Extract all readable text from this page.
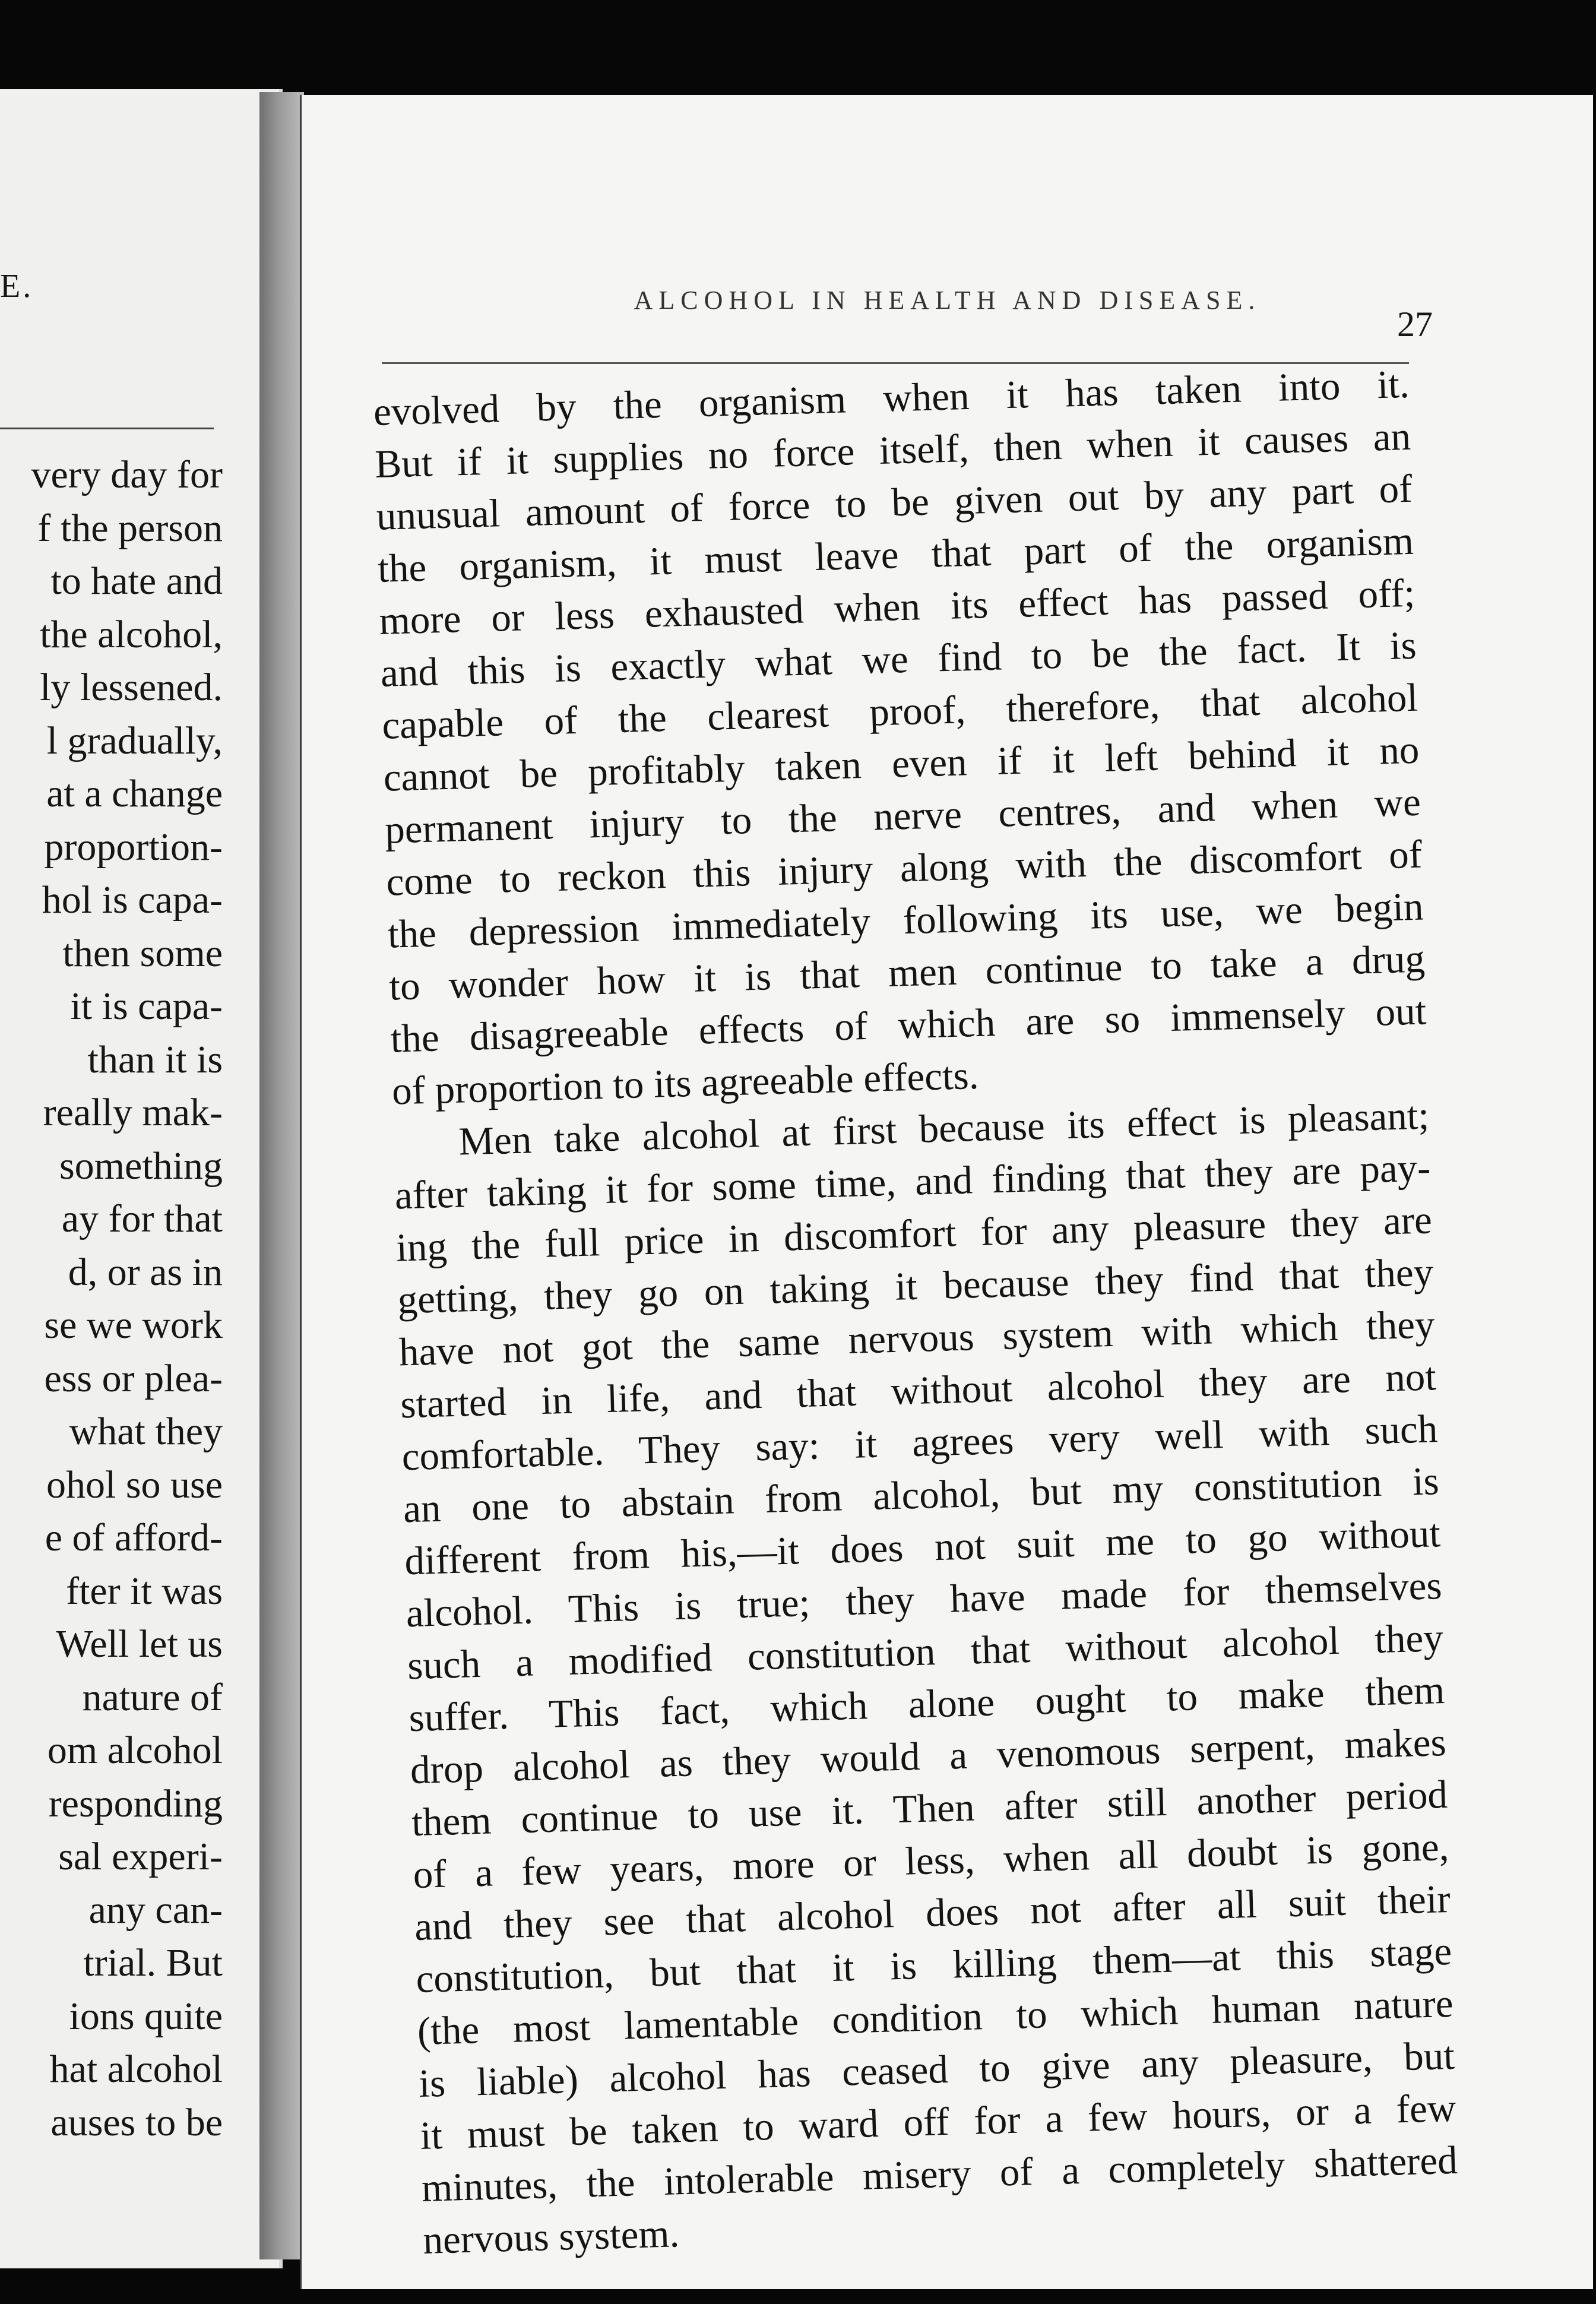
E.

very day for
f the person
to hate and
the alcohol,
ly lessened.
l gradually,
at a change
proportion-
hol is capa-
then some
it is capa-
than it is
really mak-
something
ay for that
d, or as in
se we work
ess or plea-
what they
ohol so use
e of afford-
fter it was
Well let us
nature of
om alcohol
responding
sal experi-
any can-
trial. But
ions quite
hat alcohol
auses to be
ALCOHOL IN HEALTH AND DISEASE.

27

evolved by the organism when it has taken into it.
But if it supplies no force itself, then when it causes an
unusual amount of force to be given out by any part of
the organism, it must leave that part of the organism
more or less exhausted when its effect has passed off;
and this is exactly what we find to be the fact. It is
capable of the clearest proof, therefore, that alcohol
cannot be profitably taken even if it left behind it no
permanent injury to the nerve centres, and when we
come to reckon this injury along with the discomfort of
the depression immediately following its use, we begin
to wonder how it is that men continue to take a drug
the disagreeable effects of which are so immensely out
of proportion to its agreeable effects.

Men take alcohol at first because its effect is pleasant;
after taking it for some time, and finding that they are pay-
ing the full price in discomfort for any pleasure they are
getting, they go on taking it because they find that they
have not got the same nervous system with which they
started in life, and that without alcohol they are not
comfortable. They say: it agrees very well with such
an one to abstain from alcohol, but my constitution is
different from his,—it does not suit me to go without
alcohol. This is true; they have made for themselves
such a modified constitution that without alcohol they
suffer. This fact, which alone ought to make them
drop alcohol as they would a venomous serpent, makes
them continue to use it. Then after still another period
of a few years, more or less, when all doubt is gone,
and they see that alcohol does not after all suit their
constitution, but that it is killing them—at this stage
(the most lamentable condition to which human nature
is liable) alcohol has ceased to give any pleasure, but
it must be taken to ward off for a few hours, or a few
minutes, the intolerable misery of a completely shattered
nervous system.
